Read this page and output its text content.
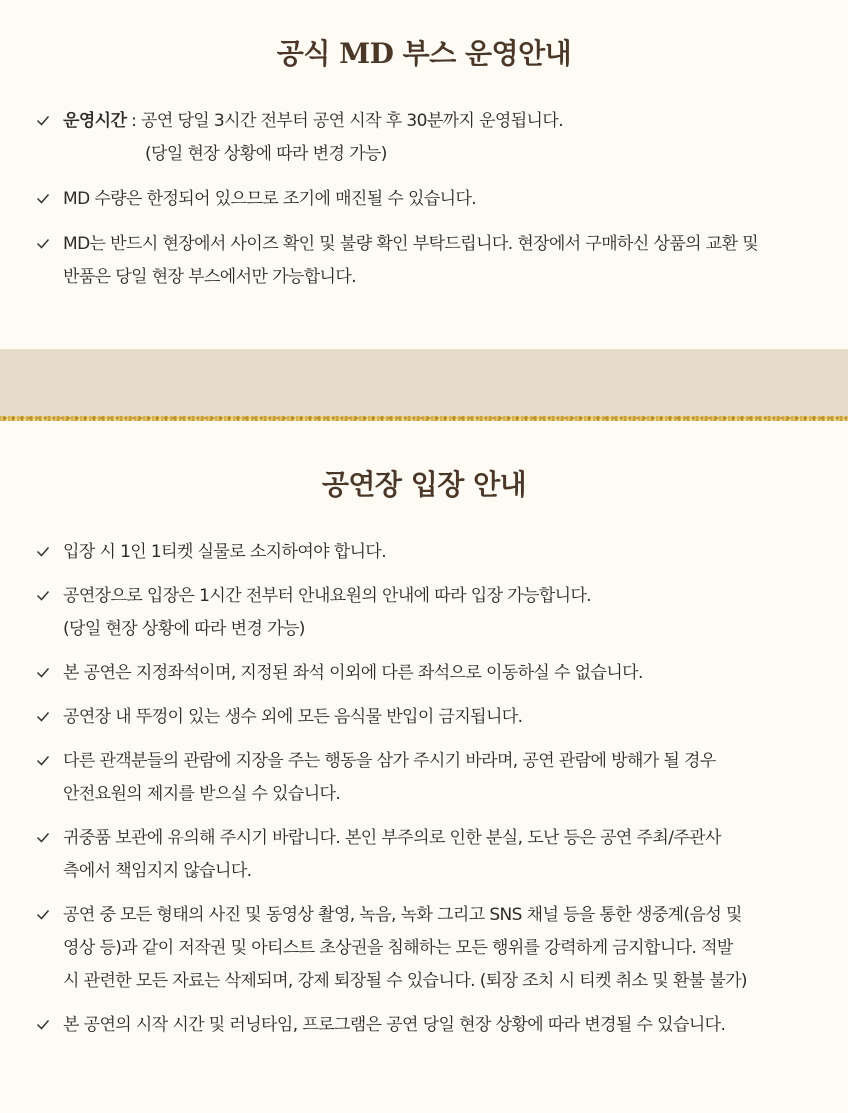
공식 MD 부스 운영안내
운영시간 : 공연 당일 3시간 전부터 공연 시작 후 30분까지 운영됩니다.
(당일 현장 상황에 따라 변경 가능)
MD 수량은 한정되어 있으므로 조기에 매진될 수 있습니다.
MD는 반드시 현장에서 사이즈 확인 및 불량 확인 부탁드립니다. 현장에서 구매하신 상품의 교환 및
반품은 당일 현장 부스에서만 가능합니다.
공연장 입장 안내
입장 시 1인 1티켓 실물로 소지하여야 합니다.
공연장으로 입장은 1시간 전부터 안내요원의 안내에 따라 입장 가능합니다.
(당일 현장 상황에 따라 변경 가능)
본 공연은 지정좌석이며, 지정된 좌석 이외에 다른 좌석으로 이동하실 수 없습니다.
공연장 내 뚜껑이 있는 생수 외에 모든 음식물 반입이 금지됩니다.
다른 관객분들의 관람에 지장을 주는 행동을 삼가 주시기 바라며, 공연 관람에 방해가 될 경우
안전요원의 제지를 받으실 수 있습니다.
귀중품 보관에 유의해 주시기 바랍니다. 본인 부주의로 인한 분실, 도난 등은 공연 주최/주관사
측에서 책임지지 않습니다.
공연 중 모든 형태의 사진 및 동영상 촬영, 녹음, 녹화 그리고 SNS 채널 등을 통한 생중계(음성 및
영상 등)과 같이 저작권 및 아티스트 초상권을 침해하는 모든 행위를 강력하게 금지합니다. 적발
시 관련한 모든 자료는 삭제되며, 강제 퇴장될 수 있습니다. (퇴장 조치 시 티켓 취소 및 환불 불가)
본 공연의 시작 시간 및 러닝타임, 프로그램은 공연 당일 현장 상황에 따라 변경될 수 있습니다.
